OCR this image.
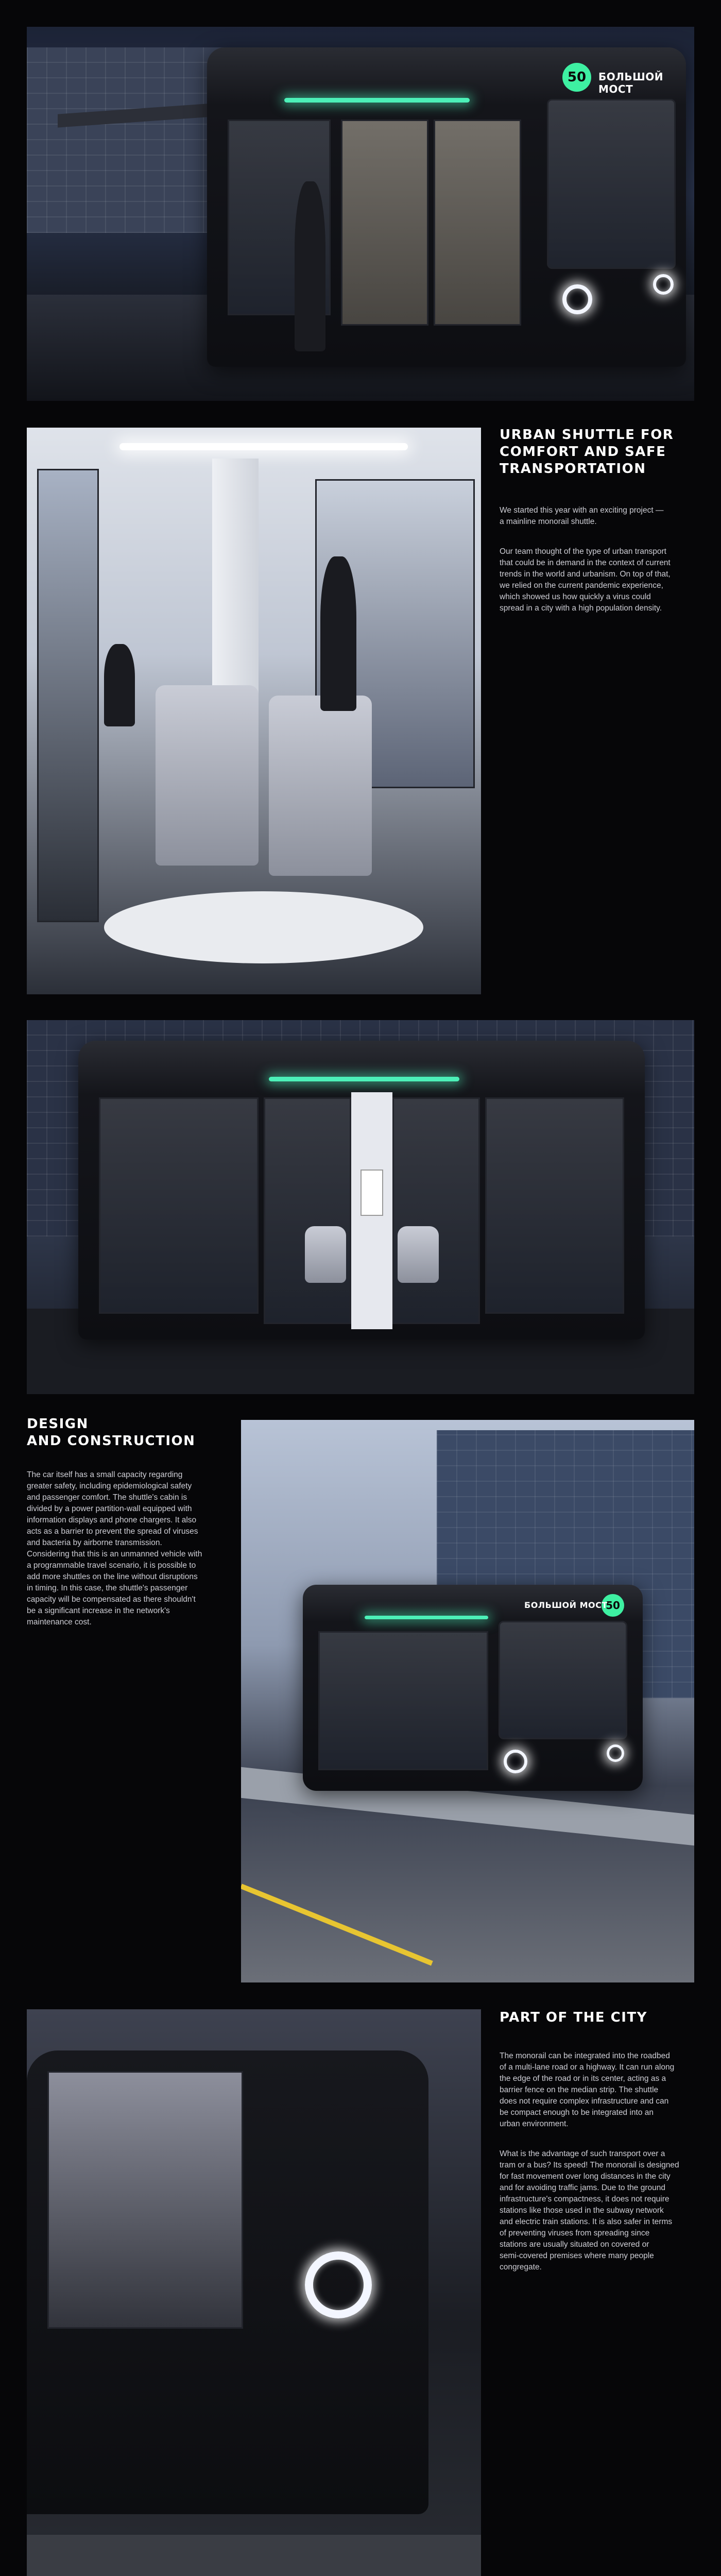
50	БОЛЬШОЙ МОСТ
URBAN SHUTTLE FOR
COMFORT AND SAFE
TRANSPORTATION

We started this year with an exciting project —
a mainline monorail shuttle.

Our team thought of the type of urban transport
that could be in demand in the context of current
trends in the world and urbanism. On top of that,
we relied on the current pandemic experience,
which showed us how quickly a virus could
spread in a city with a high population density.

DESIGN
AND CONSTRUCTION
The car itself has a small capacity regarding
greater safety, including epidemiological safety
and passenger comfort. The shuttle's cabin is
divided by a power partition-wall equipped with
information displays and phone chargers. It also
acts as a barrier to prevent the spread of viruses
and bacteria by airborne transmission.
Considering that this is an unmanned vehicle with
a programmable travel scenario, it is possible to
add more shuttles on the line without disruptions
in timing. In this case, the shuttle's passenger
capacity will be compensated as there shouldn't
be a significant increase in the network's
maintenance cost.
50
БОЛЬШОЙ МОСТ
PART OF THE CITY

The monorail can be integrated into the roadbed
of a multi-lane road or a highway. It can run along
the edge of the road or in its center, acting as a
barrier fence on the median strip. The shuttle
does not require complex infrastructure and can
be compact enough to be integrated into an
urban environment.

What is the advantage of such transport over a
tram or a bus? Its speed! The monorail is designed
for fast movement over long distances in the city
and for avoiding traffic jams. Due to the ground
infrastructure's compactness, it does not require
stations like those used in the subway network
and electric train stations. It is also safer in terms
of preventing viruses from spreading since
stations are usually situated on covered or
semi-covered premises where many people
congregate.
